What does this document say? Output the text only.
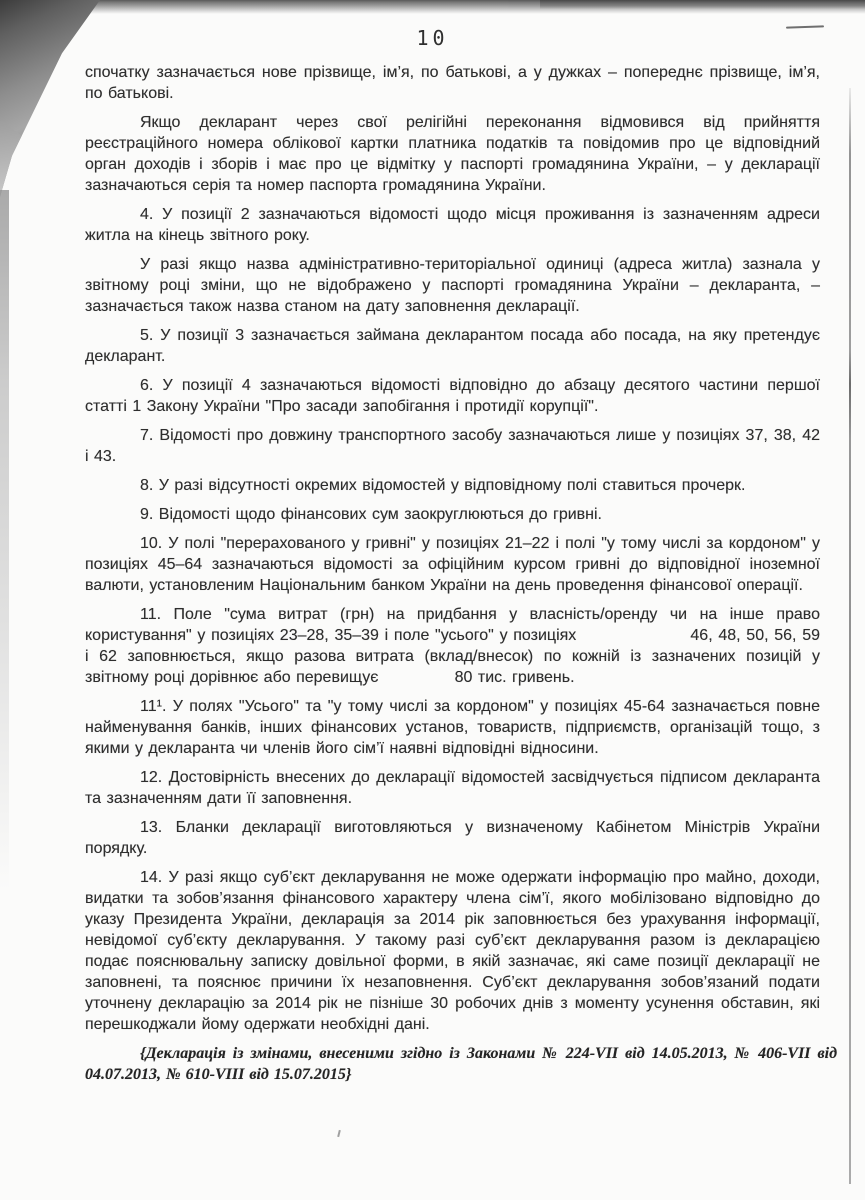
10

спочатку зазначається нове прізвище, ім’я, по батькові, а у дужках – попереднє прізвище, ім’я, по батькові.

Якщо декларант через свої релігійні переконання відмовився від прийняття реєстраційного номера облікової картки платника податків та повідомив про це відповідний орган доходів і зборів і має про це відмітку у паспорті громадянина України, – у декларації зазначаються серія та номер паспорта громадянина України.

4. У позиції 2 зазначаються відомості щодо місця проживання із зазначенням адреси житла на кінець звітного року.

У разі якщо назва адміністративно-територіальної одиниці (адреса житла) зазнала у звітному році зміни, що не відображено у паспорті громадянина України – декларанта, – зазначається також назва станом на дату заповнення декларації.

5. У позиції 3 зазначається займана декларантом посада або посада, на яку претендує декларант.

6. У позиції 4 зазначаються відомості відповідно до абзацу десятого частини першої статті 1 Закону України "Про засади запобігання і протидії корупції".

7. Відомості про довжину транспортного засобу зазначаються лише у позиціях 37, 38, 42 і 43.

8. У разі відсутності окремих відомостей у відповідному полі ставиться прочерк.

9. Відомості щодо фінансових сум заокруглюються до гривні.

10. У полі "перерахованого у гривні" у позиціях 21–22 і полі "у тому числі за кордоном" у позиціях 45–64 зазначаються відомості за офіційним курсом гривні до відповідної іноземної валюти, установленим Національним банком України на день проведення фінансової операції.

11. Поле "сума витрат (грн) на придбання у власність/оренду чи на інше право користування" у позиціях 23–28, 35–39 і поле "усього" у позиціях                    46, 48, 50, 56, 59 і 62 заповнюється, якщо разова витрата (вклад/внесок) по кожній із зазначених позицій у звітному році дорівнює або перевищує              80 тис. гривень.

11¹. У полях "Усього" та "у тому числі за кордоном" у позиціях 45-64 зазначається повне найменування банків, інших фінансових установ, товариств, підприємств, організацій тощо, з якими у декларанта чи членів його сім’ї наявні відповідні відносини.

12. Достовірність внесених до декларації відомостей засвідчується підписом декларанта та зазначенням дати її заповнення.

13. Бланки декларації виготовляються у визначеному Кабінетом Міністрів України порядку.

14. У разі якщо суб’єкт декларування не може одержати інформацію про майно, доходи, видатки та зобов’язання фінансового характеру члена сім’ї, якого мобілізовано відповідно до указу Президента України, декларація за 2014 рік заповнюється без урахування інформації, невідомої суб’єкту декларування. У такому разі суб’єкт декларування разом із декларацією подає пояснювальну записку довільної форми, в якій зазначає, які саме позиції декларації не заповнені, та пояснює причини їх незаповнення. Суб’єкт декларування зобов’язаний подати уточнену декларацію за 2014 рік не пізніше 30 робочих днів з моменту усунення обставин, які перешкоджали йому одержати необхідні дані.

{Декларація із змінами, внесеними згідно із Законами № 224-VII від 14.05.2013, № 406-VII від 04.07.2013, № 610-VIII від 15.07.2015}
